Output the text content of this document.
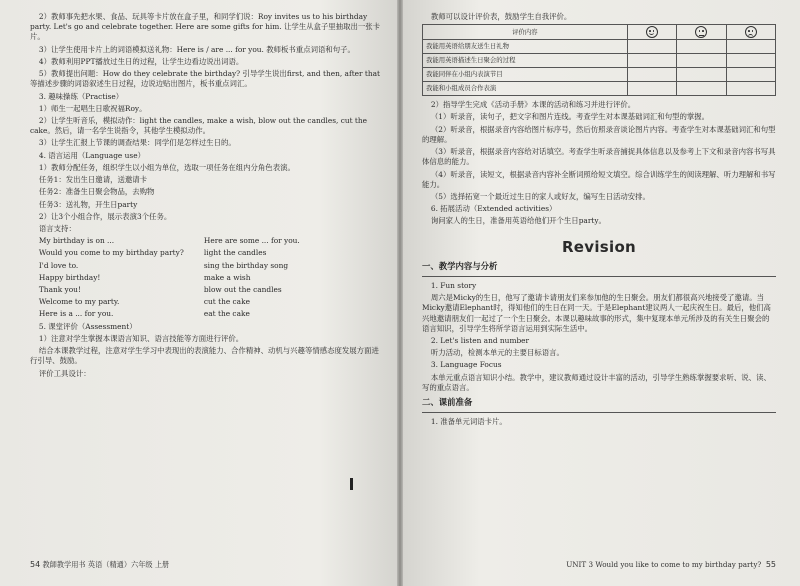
2）教师事先把水果、食品、玩具等卡片放在盒子里，和同学们说：Roy invites us to his birthday party. Let's go and celebrate together. Here are some gifts for him. 让学生从盒子里抽取出一张卡片。

3）让学生使用卡片上的词语模拟送礼物：Here is / are ... for you. 教师板书重点词语和句子。

4）教师利用PPT播放过生日的过程，让学生边看边说出词语。

5）教师提出问题：How do they celebrate the birthday? 引导学生说出first, and then, after that等描述步骤的词语叙述生日过程，边说边贴出图片，板书重点词汇。

3. 趣味操练（Practise）

1）师生一起唱生日歌祝福Roy。

2）让学生听音乐，模拟动作：light the candles, make a wish, blow out the candles, cut the cake。然后，请一名学生说指令，其他学生模拟动作。

3）让学生汇报上节课的调查结果：同学们是怎样过生日的。

4. 语言运用（Language use）

1）教师分配任务，组织学生以小组为单位，选取一项任务在组内分角色表演。

任务1：发出生日邀请，送邀请卡

任务2：准备生日聚会物品，去购物

任务3：送礼物，开生日party

2）让3个小组合作，展示表演3个任务。

语言支持：

My birthday is on ...	Here are some ... for you.
Would you come to my birthday party?	light the candles
I'd love to.	sing the birthday song
Happy birthday!	make a wish
Thank you!	blow out the candles
Welcome to my party.	cut the cake
Here is a ... for you.	eat the cake

5. 课堂评价（Assessment）

1）注意对学生掌握本课语言知识、语言技能等方面进行评价。

结合本课教学过程，注意对学生学习中表现出的表演能力、合作精神、动机与兴趣等情感态度发展方面进行引导、鼓励。

评价工具设计：

54 教師教学用书 英语（精通）六年级 上册

教师可以设计评价表，鼓励学生自我评价。

评价内容	

我能用英语给朋友送生日礼物			
我能用英语描述生日聚会的过程			
我能同伴在小组内表演节目			
我能和小组成员合作表演			

2）指导学生完成《活动手册》本课的活动和练习并进行评价。

（1）听录音，读句子，把文字和图片连线。考查学生对本课基础词汇和句型的掌握。

（2）听录音，根据录音内容给图片标序号，然后仿照录音谈论图片内容。考查学生对本课基础词汇和句型的理解。

（3）听录音，根据录音内容给对话填空。考查学生听录音捕捉具体信息以及参考上下文和录音内容书写具体信息的能力。

（4）听录音，读短文，根据录音内容补全断词照给短文填空。综合训练学生的阅读理解、听力理解和书写能力。

（5）选择拓宽一个最近过生日的家人或好友，编写生日活动安排。

6. 拓展活动（Extended activities）

询问家人的生日，准备用英语给他们开个生日party。

Revision
一、教学内容与分析

1. Fun story

周六是Micky的生日，他写了邀请卡请朋友们来参加他的生日聚会。朋友们都很高兴地接受了邀请。当Micky邀请Elephant时，得知他们的生日在同一天。于是Elephant建议两人一起庆祝生日。最后，他们高兴地邀请朋友们一起过了一个生日聚会。本课以趣味故事的形式，集中复现本单元所涉及的有关生日聚会的语言知识，引导学生将所学语言运用到实际生活中。

2. Let's listen and number

听力活动，检测本单元的主要目标语言。

3. Language Focus

本单元重点语言知识小结。教学中，建议教师通过设计丰富的活动，引导学生熟练掌握要求听、说、读、写的重点语言。

二、课前准备

1. 准备单元词语卡片。

UNIT 3 Would you like to come to my birthday party? 55
